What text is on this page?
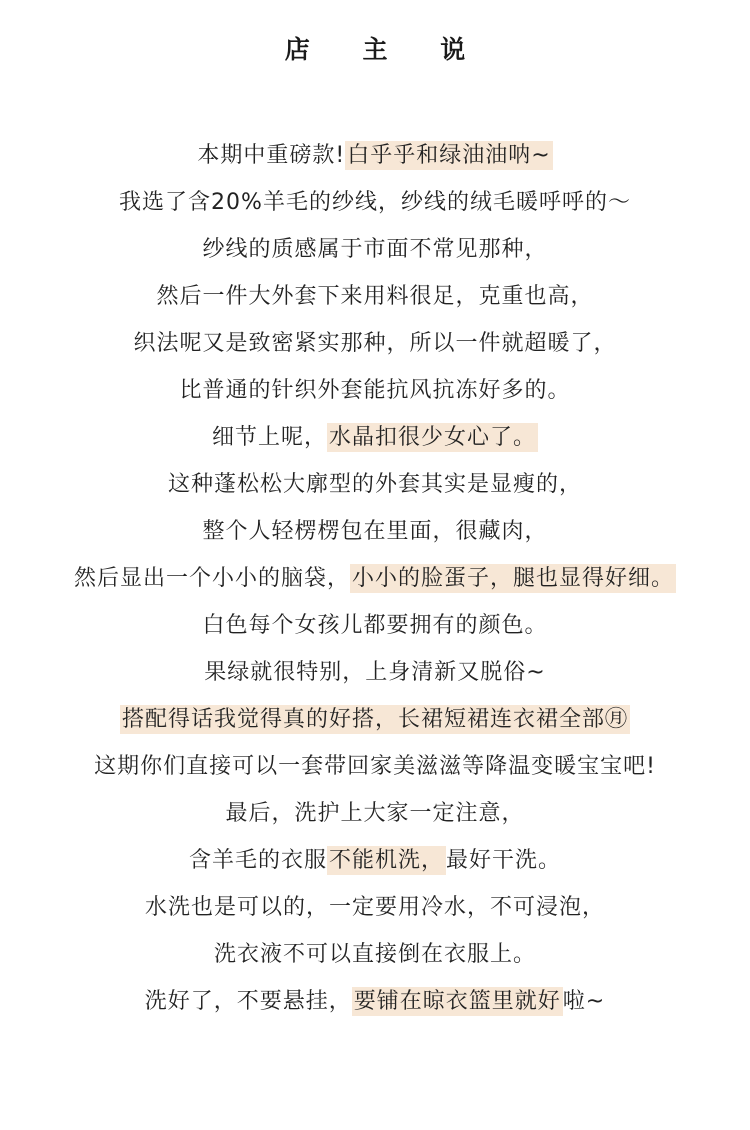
店 主 说
本期中重磅款!白乎乎和绿油油呐~
我选了含20%羊毛的纱线，纱线的绒毛暖呼呼的～
纱线的质感属于市面不常见那种，
然后一件大外套下来用料很足，克重也高，
织法呢又是致密紧实那种，所以一件就超暖了，
比普通的针织外套能抗风抗冻好多的。
细节上呢，水晶扣很少女心了。
这种蓬松松大廓型的外套其实是显瘦的，
整个人轻楞楞包在里面，很藏肉，
然后显出一个小小的脑袋，小小的脸蛋子，腿也显得好细。
白色每个女孩儿都要拥有的颜色。
果绿就很特别，上身清新又脱俗~
搭配得话我觉得真的好搭，长裙短裙连衣裙全部㊊
这期你们直接可以一套带回家美滋滋等降温变暖宝宝吧!
最后，洗护上大家一定注意，
含羊毛的衣服不能机洗，最好干洗。
水洗也是可以的，一定要用冷水，不可浸泡，
洗衣液不可以直接倒在衣服上。
洗好了，不要悬挂，要铺在晾衣篮里就好啦~
